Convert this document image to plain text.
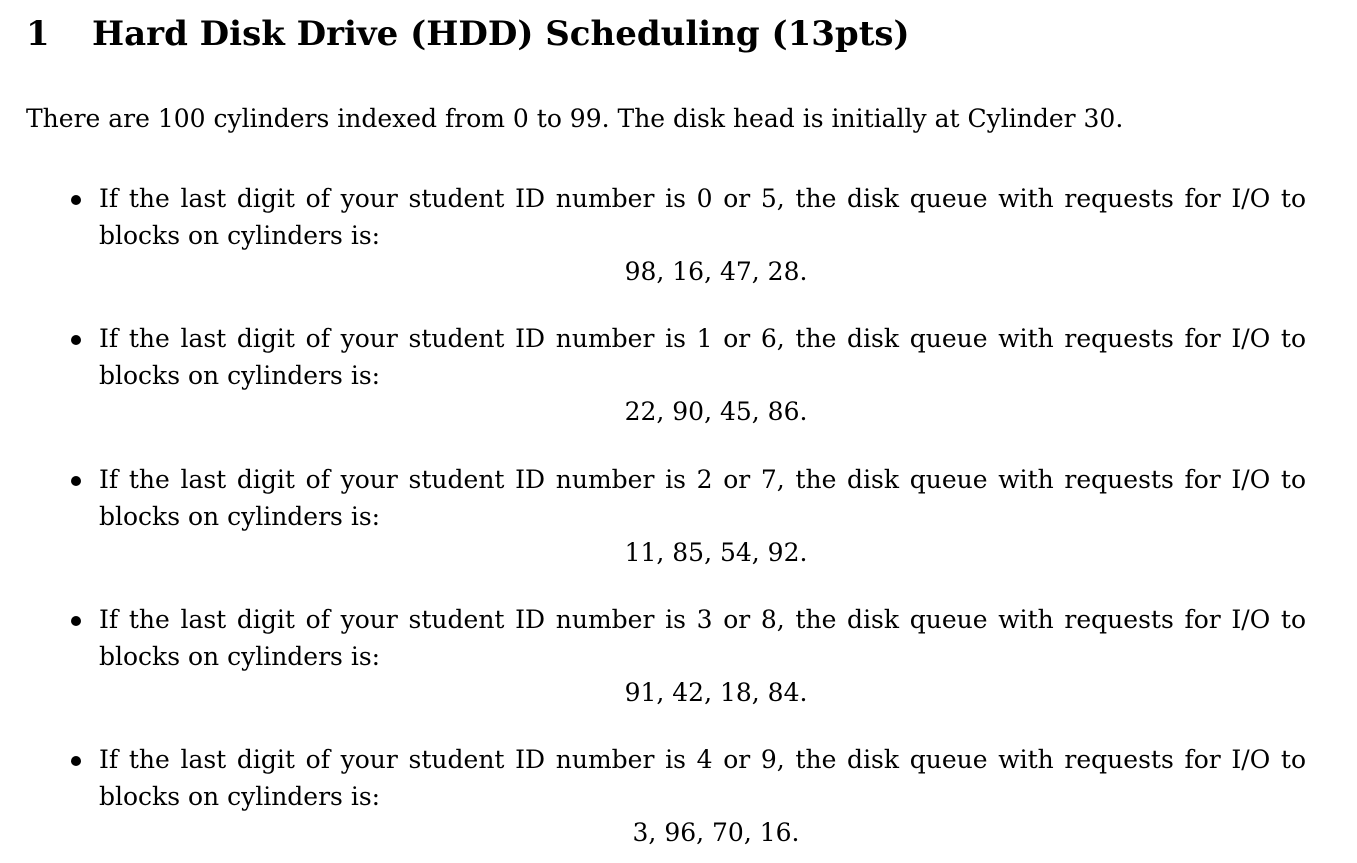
1 Hard Disk Drive (HDD) Scheduling (13pts)

There are 100 cylinders indexed from 0 to 99. The disk head is initially at Cylinder 30.

If the last digit of your student ID number is 0 or 5, the disk queue with requests for I/O to blocks on cylinders is:

98, 16, 47, 28.

If the last digit of your student ID number is 1 or 6, the disk queue with requests for I/O to blocks on cylinders is:

22, 90, 45, 86.

If the last digit of your student ID number is 2 or 7, the disk queue with requests for I/O to blocks on cylinders is:

11, 85, 54, 92.

If the last digit of your student ID number is 3 or 8, the disk queue with requests for I/O to blocks on cylinders is:

91, 42, 18, 84.

If the last digit of your student ID number is 4 or 9, the disk queue with requests for I/O to blocks on cylinders is:

3, 96, 70, 16.
